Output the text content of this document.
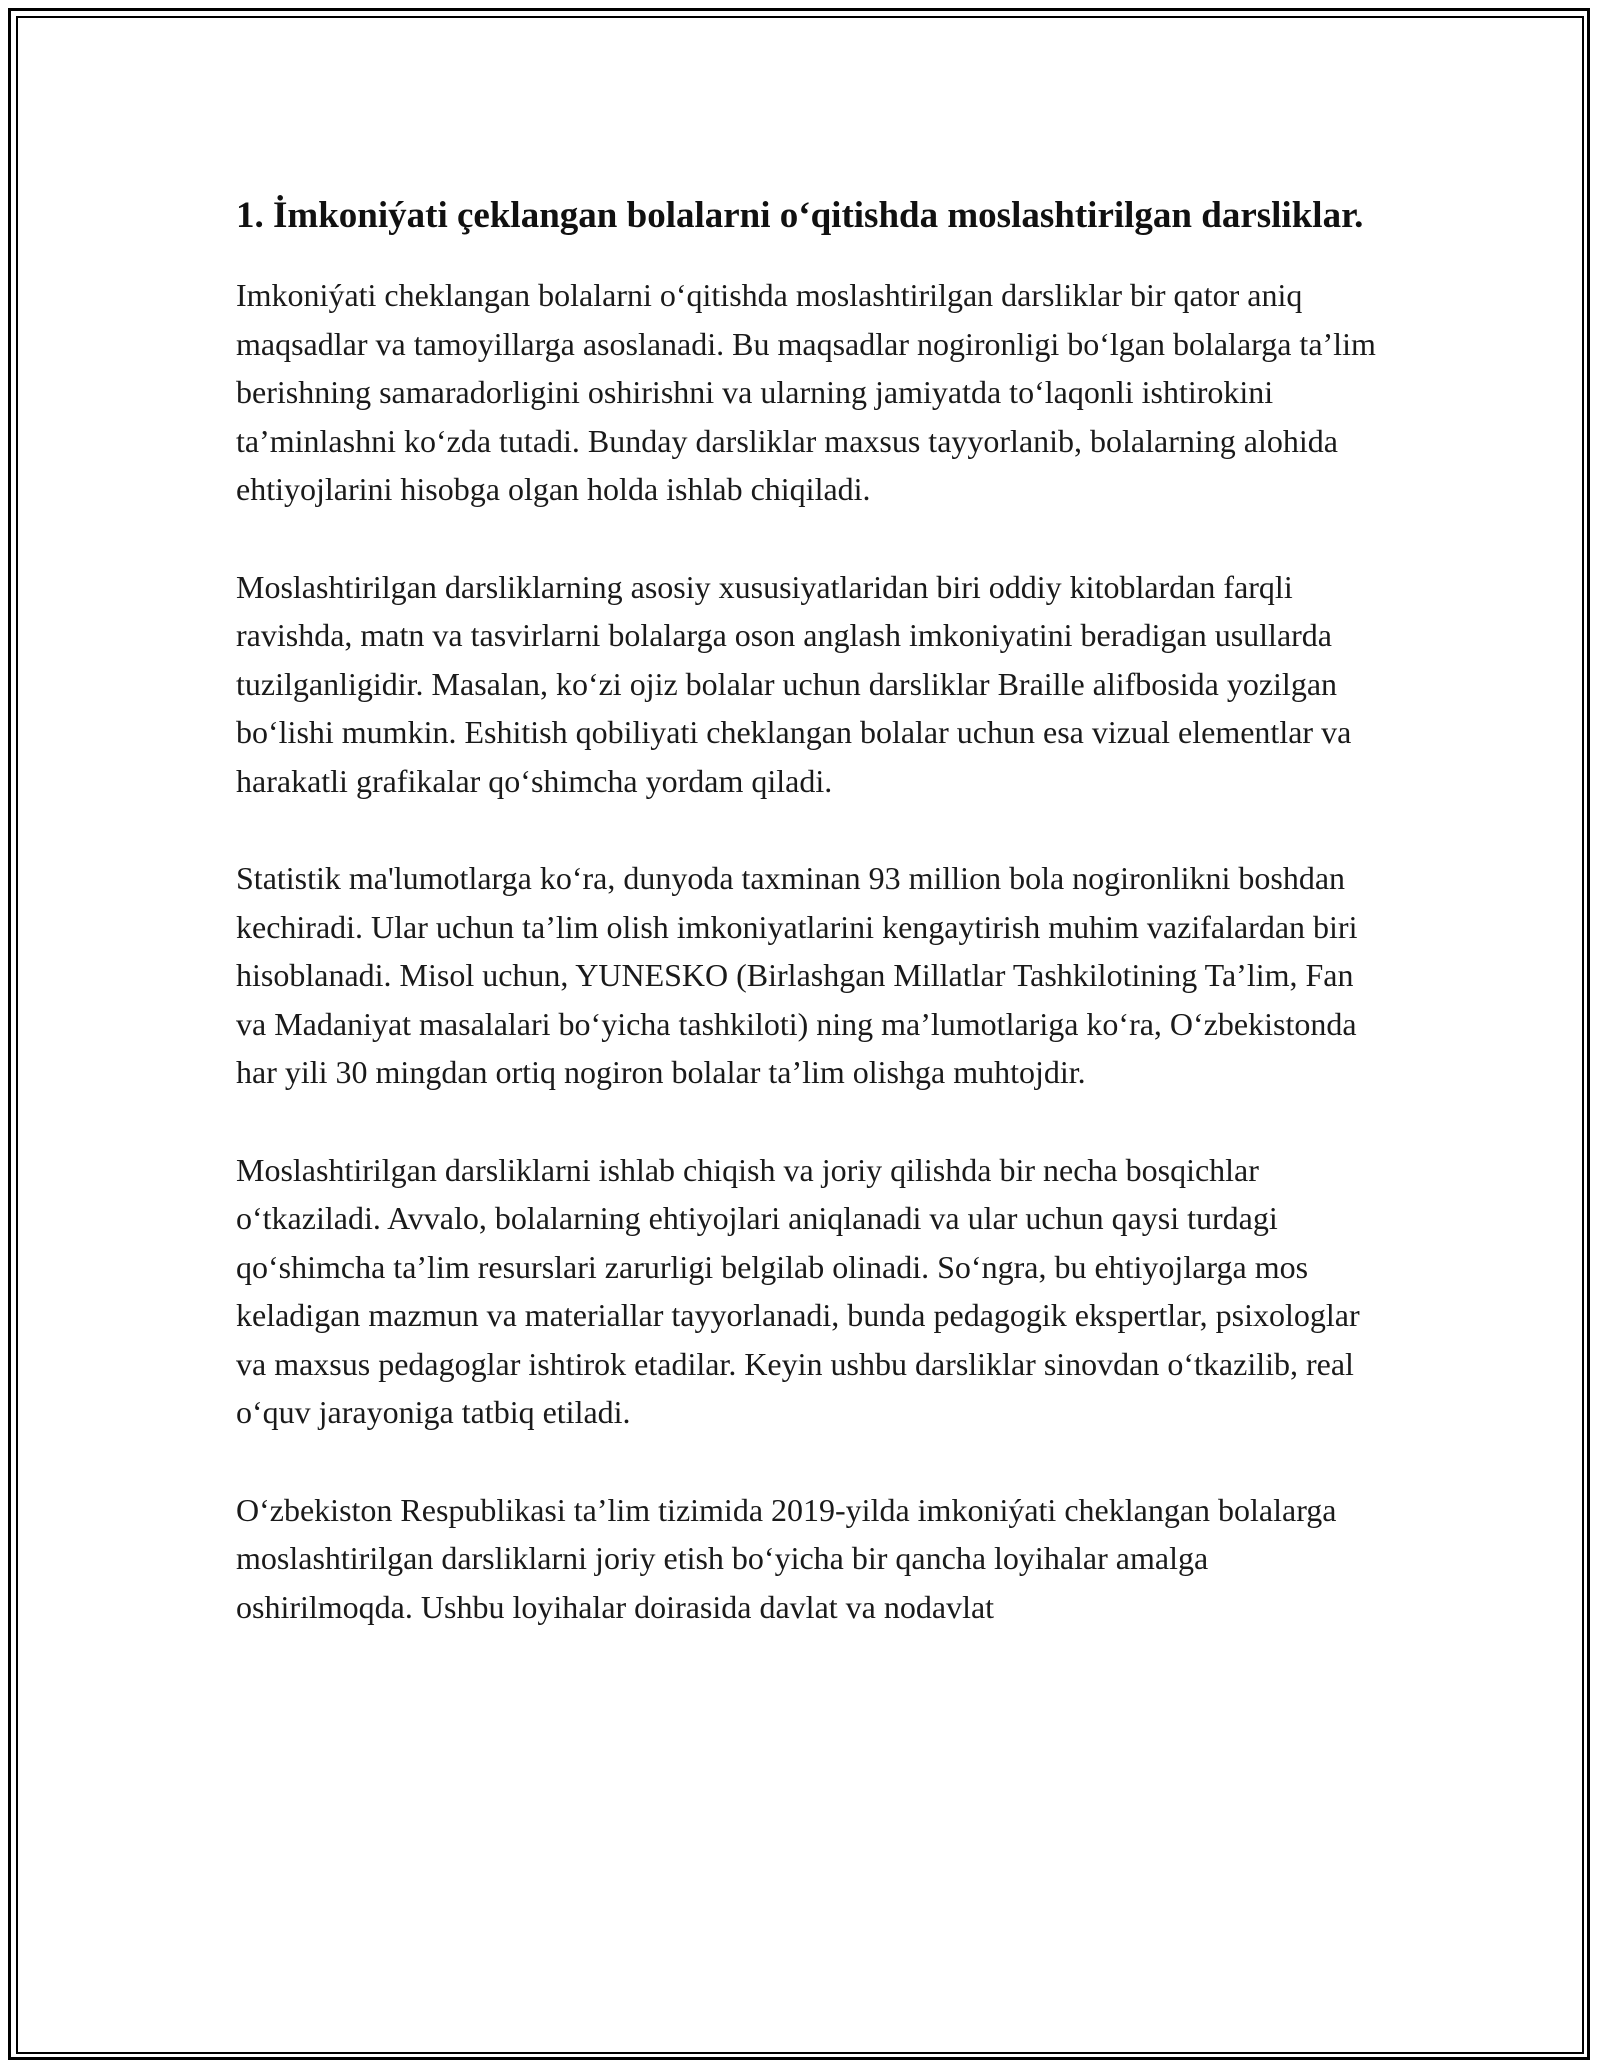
1. İmkoniýati çeklangan bolalarni o‘qitishda moslashtirilgan darsliklar.

Imkoniýati cheklangan bolalarni o‘qitishda moslashtirilgan darsliklar bir qator aniq maqsadlar va tamoyillarga asoslanadi. Bu maqsadlar nogironligi bo‘lgan bolalarga ta’lim berishning samaradorligini oshirishni va ularning jamiyatda to‘laqonli ishtirokini ta’minlashni ko‘zda tutadi. Bunday darsliklar maxsus tayyorlanib, bolalarning alohida ehtiyojlarini hisobga olgan holda ishlab chiqiladi.

Moslashtirilgan darsliklarning asosiy xususiyatlaridan biri oddiy kitoblardan farqli ravishda, matn va tasvirlarni bolalarga oson anglash imkoniyatini beradigan usullarda tuzilganligidir. Masalan, ko‘zi ojiz bolalar uchun darsliklar Braille alifbosida yozilgan bo‘lishi mumkin. Eshitish qobiliyati cheklangan bolalar uchun esa vizual elementlar va harakatli grafikalar qo‘shimcha yordam qiladi.

Statistik ma'lumotlarga ko‘ra, dunyoda taxminan 93 million bola nogironlikni boshdan kechiradi. Ular uchun ta’lim olish imkoniyatlarini kengaytirish muhim vazifalardan biri hisoblanadi. Misol uchun, YUNESKO (Birlashgan Millatlar Tashkilotining Ta’lim, Fan va Madaniyat masalalari bo‘yicha tashkiloti) ning ma’lumotlariga ko‘ra, O‘zbekistonda har yili 30 mingdan ortiq nogiron bolalar ta’lim olishga muhtojdir.

Moslashtirilgan darsliklarni ishlab chiqish va joriy qilishda bir necha bosqichlar o‘tkaziladi. Avvalo, bolalarning ehtiyojlari aniqlanadi va ular uchun qaysi turdagi qo‘shimcha ta’lim resurslari zarurligi belgilab olinadi. So‘ngra, bu ehtiyojlarga mos keladigan mazmun va materiallar tayyorlanadi, bunda pedagogik ekspertlar, psixologlar va maxsus pedagoglar ishtirok etadilar. Keyin ushbu darsliklar sinovdan o‘tkazilib, real o‘quv jarayoniga tatbiq etiladi.

O‘zbekiston Respublikasi ta’lim tizimida 2019-yilda imkoniýati cheklangan bolalarga moslashtirilgan darsliklarni joriy etish bo‘yicha bir qancha loyihalar amalga oshirilmoqda. Ushbu loyihalar doirasida davlat va nodavlat
